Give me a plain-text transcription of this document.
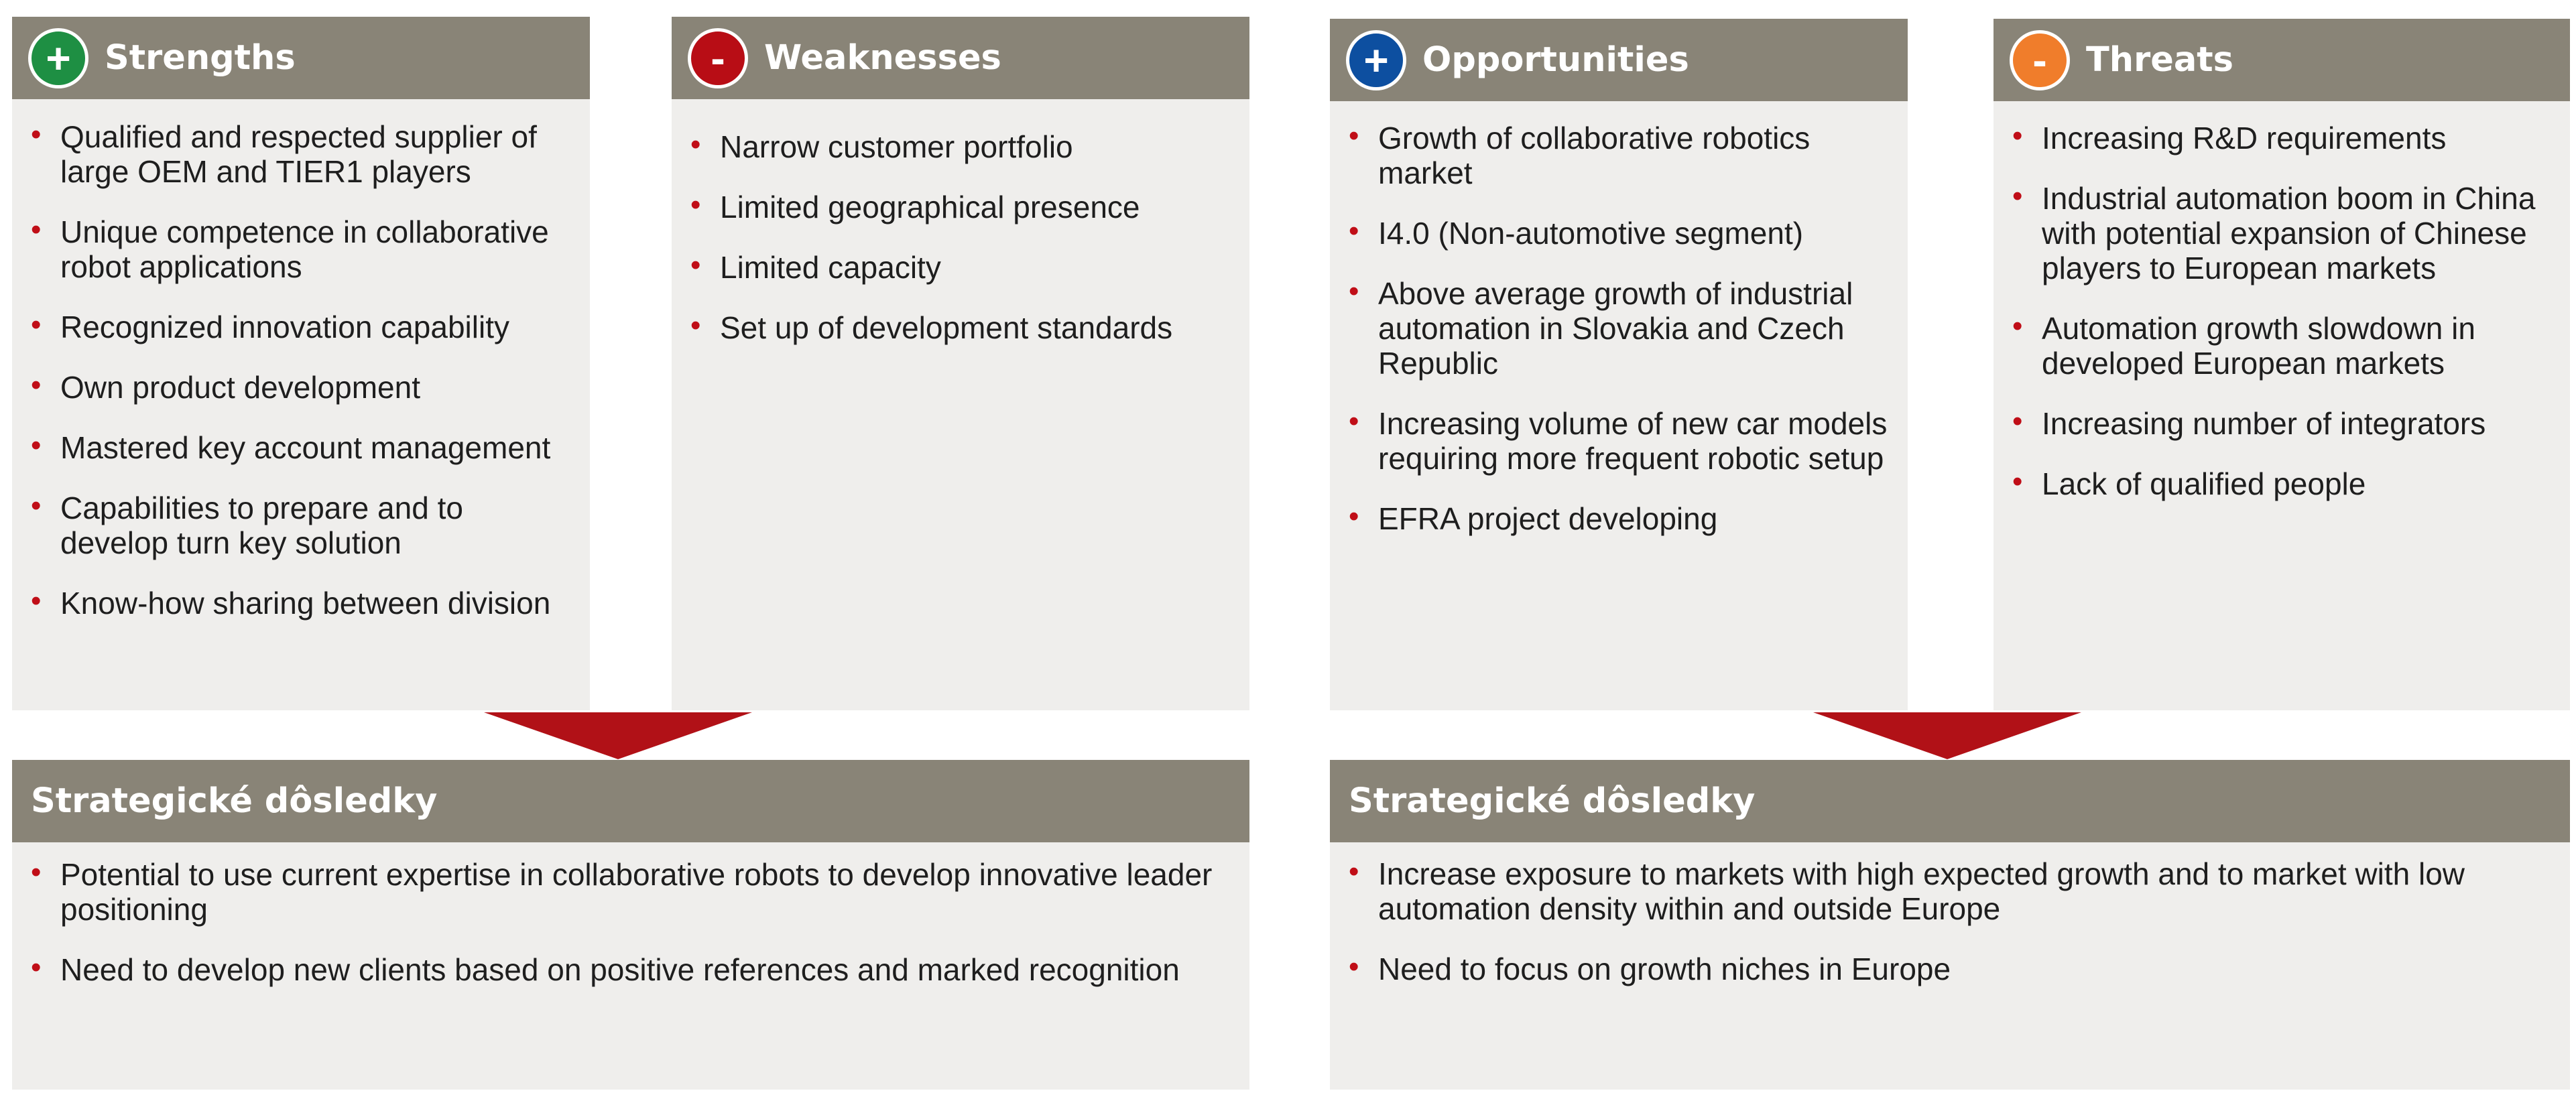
+ Strengths
• Qualified and respected supplier of large OEM and TIER1 players
• Unique competence in collaborative robot applications
• Recognized innovation capability
• Own product development
• Mastered key account management
• Capabilities to prepare and to develop turn key solution
• Know-how sharing between division
-	Weaknesses
• Narrow customer portfolio
• Limited geographical presence
• Limited capacity
• Set up of development standards
+ Opportunities
• Growth of collaborative robotics market
• I4.0 (Non-automotive segment)
• Above average growth of industrial automation in Slovakia and Czech Republic
• Increasing volume of new car models requiring more frequent robotic setup
• EFRA project developing
-	Threats
• Increasing R&D requirements
• Industrial automation boom in China with potential expansion of Chinese players to European markets
• Automation growth slowdown in developed European markets
• Increasing number of integrators
• Lack of qualified people
Strategické dôsledky
• Potential to use current expertise in collaborative robots to develop innovative leader positioning
• Need to develop new clients based on positive references and marked recognition
Strategické dôsledky
• Increase exposure to markets with high expected growth and to market with low automation density within and outside Europe
• Need to focus on growth niches in Europe
